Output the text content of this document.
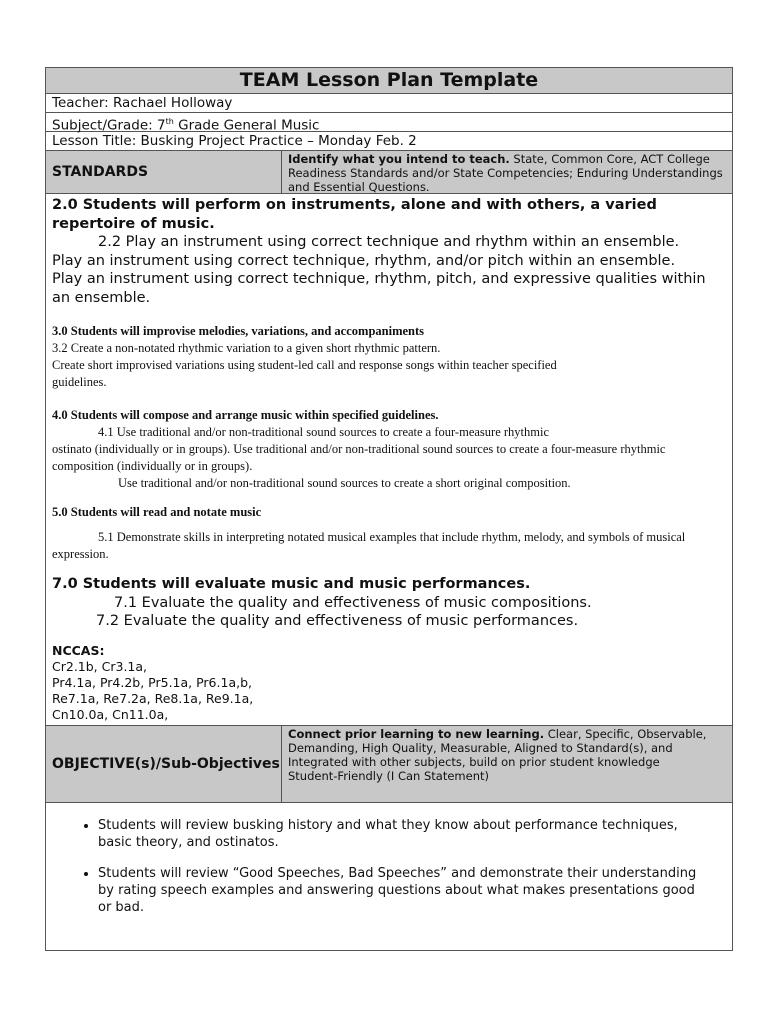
TEAM Lesson Plan Template
Teacher: Rachael Holloway
Subject/Grade: 7th Grade General Music
Lesson Title: Busking Project Practice – Monday Feb. 2
STANDARDS
Identify what you intend to teach. State, Common Core, ACT College Readiness Standards and/or State Competencies; Enduring Understandings and Essential Questions.
2.0 Students will perform on instruments, alone and with others, a varied repertoire of music.
2.2 Play an instrument using correct technique and rhythm within an ensemble.
Play an instrument using correct technique, rhythm, and/or pitch within an ensemble.
Play an instrument using correct technique, rhythm, pitch, and expressive qualities within an ensemble.
3.0 Students will improvise melodies, variations, and accompaniments
3.2 Create a non-notated rhythmic variation to a given short rhythmic pattern.
Create short improvised variations using student-led call and response songs within teacher specified guidelines.
4.0 Students will compose and arrange music within specified guidelines.
4.1 Use traditional and/or non-traditional sound sources to create a four-measure rhythmic
ostinato (individually or in groups). Use traditional and/or non-traditional sound sources to create a four-measure rhythmic composition (individually or in groups).
Use traditional and/or non-traditional sound sources to create a short original composition.
5.0 Students will read and notate music
5.1 Demonstrate skills in interpreting notated musical examples that include rhythm, melody, and symbols of musical expression.
7.0 Students will evaluate music and music performances.
7.1 Evaluate the quality and effectiveness of music compositions.
7.2 Evaluate the quality and effectiveness of music performances.
NCCAS:
Cr2.1b, Cr3.1a,
Pr4.1a, Pr4.2b, Pr5.1a, Pr6.1a,b,
Re7.1a, Re7.2a, Re8.1a, Re9.1a,
Cn10.0a, Cn11.0a,
OBJECTIVE(s)/Sub-Objectives
Connect prior learning to new learning. Clear, Specific, Observable, Demanding, High Quality, Measurable, Aligned to Standard(s), and Integrated with other subjects, build on prior student knowledge
Student-Friendly (I Can Statement)
• Students will review busking history and what they know about performance techniques, basic theory, and ostinatos.
• Students will review “Good Speeches, Bad Speeches” and demonstrate their understanding by rating speech examples and answering questions about what makes presentations good or bad.
